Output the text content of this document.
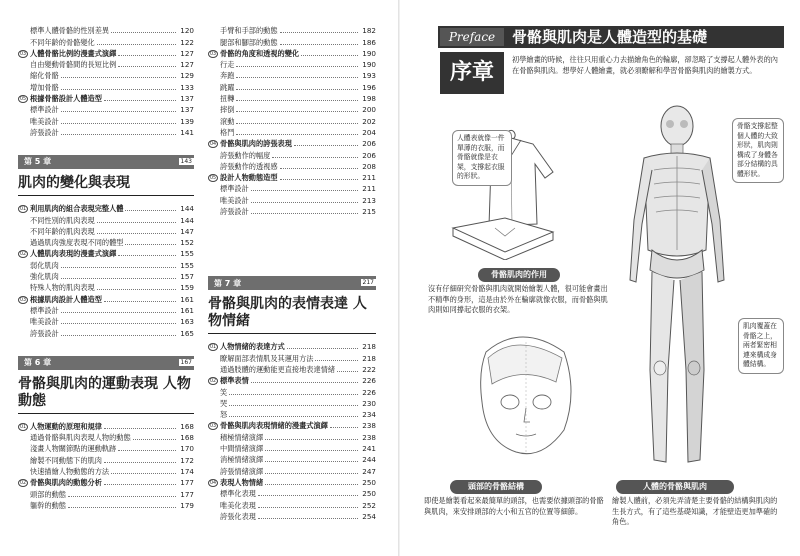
標準人體骨骼的性別差異	120
不同年齡的骨骼變化	122
03 人體骨骼比例的漫畫式演繹	127
自由變動骨骼間的長短比例	127
縮化骨骼	129
增加骨骼	133
05 根據骨骼設計人體造型	137
標準設計	137
唯美設計	139
誇張設計	141
第 5 章	143
肌肉的變化與表現
01 利用肌肉的組合表現完整人體	144
不同性別的肌肉表現	144
不同年齡的肌肉表現	147
過過肌肉強度表現不同的體型	152
02 人體肌肉表現的漫畫式演繹	155
弱化肌肉	155
強化肌肉	157
特殊人物的肌肉表現	159
03 根據肌肉設計人體造型	161
標準設計	161
唯美設計	163
誇張設計	165
第 6 章	167
骨骼與肌肉的運動表現 人物動態
01 人物運動的原理和規律	168
通過骨骼與肌肉表現人物的動態	168
淺畫人物關節點的運動軌跡	170
繪製不同動態下的肌肉	172
快速描繪人物動態的方法	174
02 骨骼與肌肉的動態分析	177
頭部的動態	177
軀幹的動態	179
手臂和手部的動態	182
腿部和腳部的動態	186
03 骨骼的角度和透視的變化	190
行走	190
奔跑	193
跳躍	196
扭轉	198
摔倒	200
滾動	202
格鬥	204
04 骨骼與肌肉的誇張表現	206
誇張動作的幅度	206
誇張動作的透視感	208
05 設計人物動態造型	211
標準設計	211
唯美設計	213
誇張設計	215
第 7 章	217
骨骼與肌肉的表情表達 人物情緒
01 人物情緒的表達方式	218
瞭解面部表情肌及其運用方法	218
通過肢體的運動能更直接地表達情緒	222
02 標準表情	226
笑	226
哭	230
怒	234
03 骨骼與肌肉表現情緒的漫畫式演繹	238
積極情緒演繹	238
中間情緒演繹	241
消極情緒演繹	244
誇張情緒演繹	247
04 表現人物情緒	250
標準化表現	250
唯美化表現	252
誇張化表現	254
Preface	骨骼與肌肉是人體造型的基礎
序章
初學繪畫的時候，往往只用重心力去描繪角色的輪廓，卻忽略了支撐起人體外表的內在骨骼與肌肉。想學好人體繪畫，就必須瞭解和學習骨骼與肌肉的繪製方式。
人體表就像一件單薄的衣服，而骨骼就像是衣架，支撐起衣服的形狀。
骨骼支撐起整個人體的大致形狀，肌肉則構成了身體各部分結構的具體形狀。
肌肉覆蓋在骨骼之上，兩者緊密相連來構成身體結構。
骨骼肌肉的作用
沒有仔細研究骨骼與肌肉就開始繪製人體，很可能會畫出不精準的身形，這是由於外在輪廓就像衣服，而骨骼與肌肉則如同撐起衣服的衣架。
頭部的骨骼結構
即使是繪製看起來最簡單的頭部，也需要依據頭部的骨骼與肌肉，來安排頭部的大小和五官的位置等細節。
人體的骨骼與肌肉
繪製人體前，必須先弄清楚主要骨骼的結構與肌肉的生長方式，有了這些基礎知識，才能壁造更加準確的角色。
